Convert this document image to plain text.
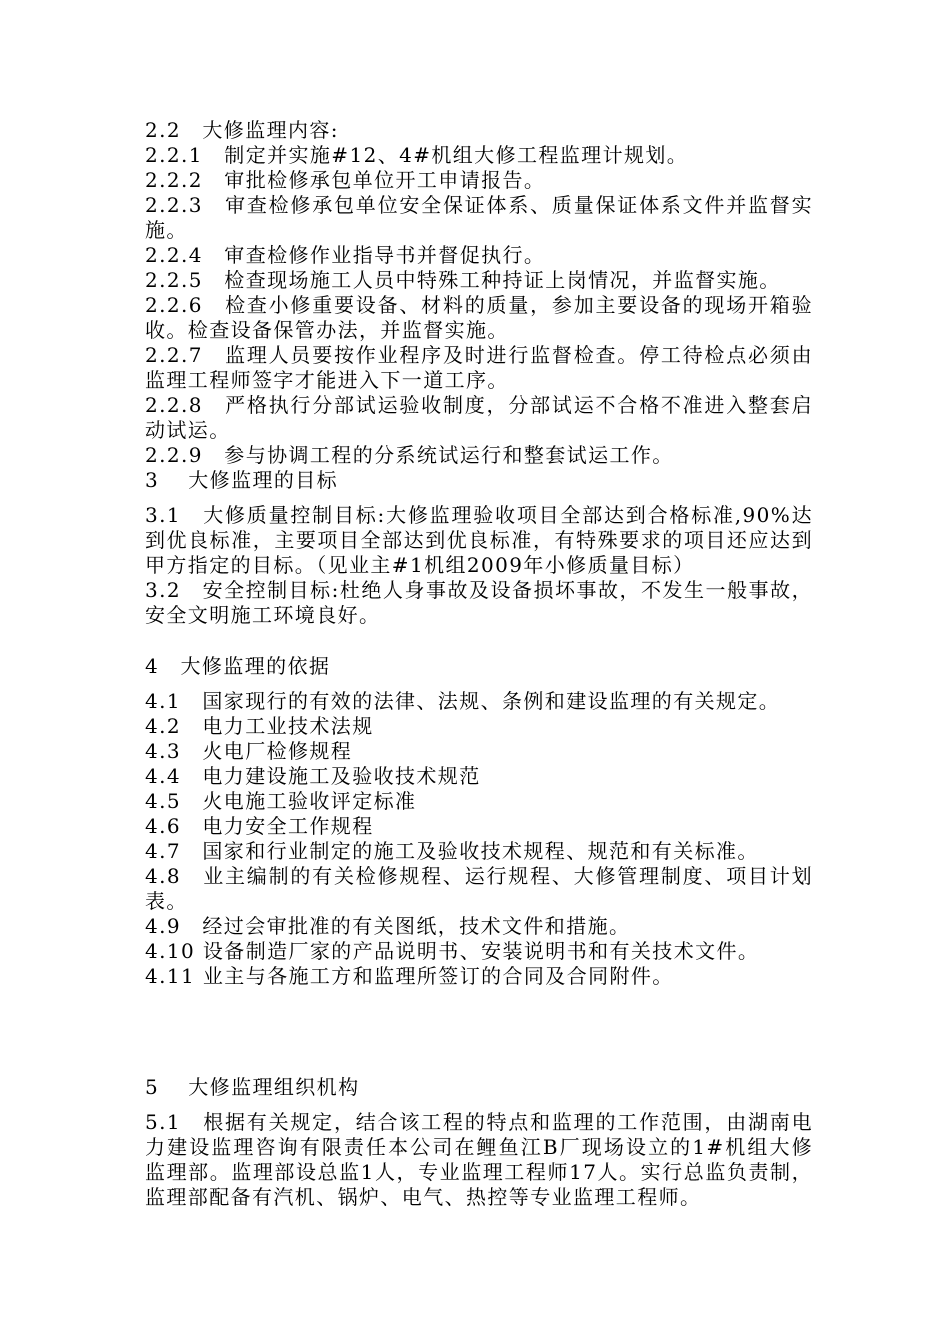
2.2　大修监理内容:

2.2.1　制定并实施#12、4#机组大修工程监理计规划。

2.2.2　审批检修承包单位开工申请报告。

2.2.3　审查检修承包单位安全保证体系、质量保证体系文件并监督实施。

2.2.4　审查检修作业指导书并督促执行。

2.2.5　检查现场施工人员中特殊工种持证上岗情况，并监督实施。

2.2.6　检查小修重要设备、材料的质量，参加主要设备的现场开箱验收。检查设备保管办法，并监督实施。

2.2.7　监理人员要按作业程序及时进行监督检查。停工待检点必须由监理工程师签字才能进入下一道工序。

2.2.8　严格执行分部试运验收制度，分部试运不合格不准进入整套启动试运。

2.2.9　参与协调工程的分系统试运行和整套试运工作。

3　 大修监理的目标

3.1　大修质量控制目标:大修监理验收项目全部达到合格标准,90%达到优良标准，主要项目全部达到优良标准，有特殊要求的项目还应达到甲方指定的目标。（见业主#1机组2009年小修质量目标）

3.2　安全控制目标:杜绝人身事故及设备损坏事故，不发生一般事故，安全文明施工环境良好。

4　大修监理的依据

4.1　国家现行的有效的法律、法规、条例和建设监理的有关规定。

4.2　电力工业技术法规

4.3　火电厂检修规程

4.4　电力建设施工及验收技术规范

4.5　火电施工验收评定标准

4.6　电力安全工作规程

4.7　国家和行业制定的施工及验收技术规程、规范和有关标准。

4.8　业主编制的有关检修规程、运行规程、大修管理制度、项目计划表。

4.9　经过会审批准的有关图纸，技术文件和措施。

4.10 设备制造厂家的产品说明书、安装说明书和有关技术文件。

4.11 业主与各施工方和监理所签订的合同及合同附件。

5　 大修监理组织机构

5.1　根据有关规定，结合该工程的特点和监理的工作范围，由湖南电力建设监理咨询有限责任本公司在鲤鱼江B厂现场设立的1#机组大修监理部。监理部设总监1人，专业监理工程师17人。实行总监负责制，监理部配备有汽机、锅炉、电气、热控等专业监理工程师。
